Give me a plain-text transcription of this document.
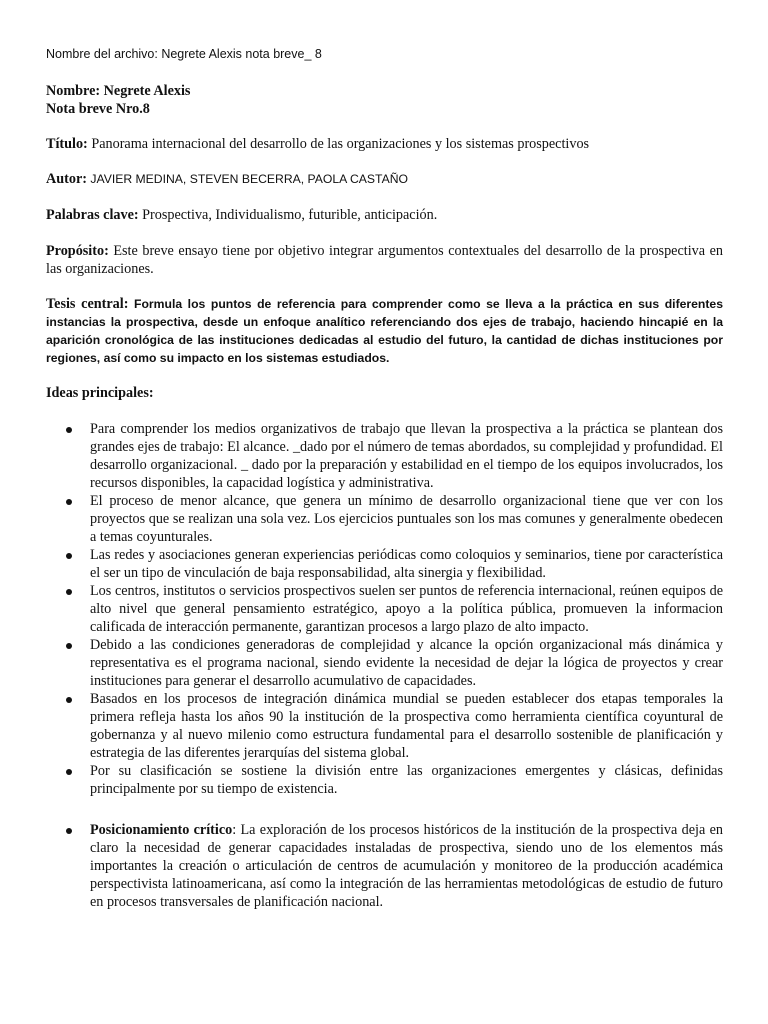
Nombre del archivo: Negrete Alexis nota breve_ 8
Nombre: Negrete Alexis
Nota breve Nro.8
Título: Panorama internacional del desarrollo de las organizaciones y los sistemas prospectivos
Autor: JAVIER MEDINA, STEVEN BECERRA, PAOLA CASTAÑO
Palabras clave: Prospectiva, Individualismo, futurible, anticipación.
Propósito: Este breve ensayo tiene por objetivo integrar argumentos contextuales del desarrollo de la prospectiva en las organizaciones.
Tesis central: Formula los puntos de referencia para comprender como se lleva a la práctica en sus diferentes instancias la prospectiva, desde un enfoque analítico referenciando dos ejes de trabajo, haciendo hincapié en la aparición cronológica de las instituciones dedicadas al estudio del futuro, la cantidad de dichas instituciones por regiones, así como su impacto en los sistemas estudiados.
Ideas principales:
Para comprender los medios organizativos de trabajo que llevan la prospectiva a la práctica se plantean dos grandes ejes de trabajo: El alcance. _dado por el número de temas abordados, su complejidad y profundidad. El desarrollo organizacional. _ dado por la preparación y estabilidad en el tiempo de los equipos involucrados, los recursos disponibles, la capacidad logística y administrativa.
El proceso de menor alcance, que genera un mínimo de desarrollo organizacional tiene que ver con los proyectos que se realizan una sola vez. Los ejercicios puntuales son los mas comunes y generalmente obedecen a temas coyunturales.
Las redes y asociaciones generan experiencias periódicas como coloquios y seminarios, tiene por característica el ser un tipo de vinculación de baja responsabilidad, alta sinergia y flexibilidad.
Los centros, institutos o servicios prospectivos suelen ser puntos de referencia internacional, reúnen equipos de alto nivel que general pensamiento estratégico, apoyo a la política pública, promueven la informacion calificada de interacción permanente, garantizan procesos a largo plazo de alto impacto.
Debido a las condiciones generadoras de complejidad y alcance la opción organizacional más dinámica y representativa es el programa nacional, siendo evidente la necesidad de dejar la lógica de proyectos y crear instituciones para generar el desarrollo acumulativo de capacidades.
Basados en los procesos de integración dinámica mundial se pueden establecer dos etapas temporales la primera refleja hasta los años 90 la institución de la prospectiva como herramienta científica coyuntural de gobernanza y al nuevo milenio como estructura fundamental para el desarrollo sostenible de planificación y estrategia de las diferentes jerarquías del sistema global.
Por su clasificación se sostiene la división entre las organizaciones emergentes y clásicas, definidas principalmente por su tiempo de existencia.
Posicionamiento crítico: La exploración de los procesos históricos de la institución de la prospectiva deja en claro la necesidad de generar capacidades instaladas de prospectiva, siendo uno de los elementos más importantes la creación o articulación de centros de acumulación y monitoreo de la producción académica perspectivista latinoamericana, así como la integración de las herramientas metodológicas de estudio de futuro en procesos transversales de planificación nacional.
